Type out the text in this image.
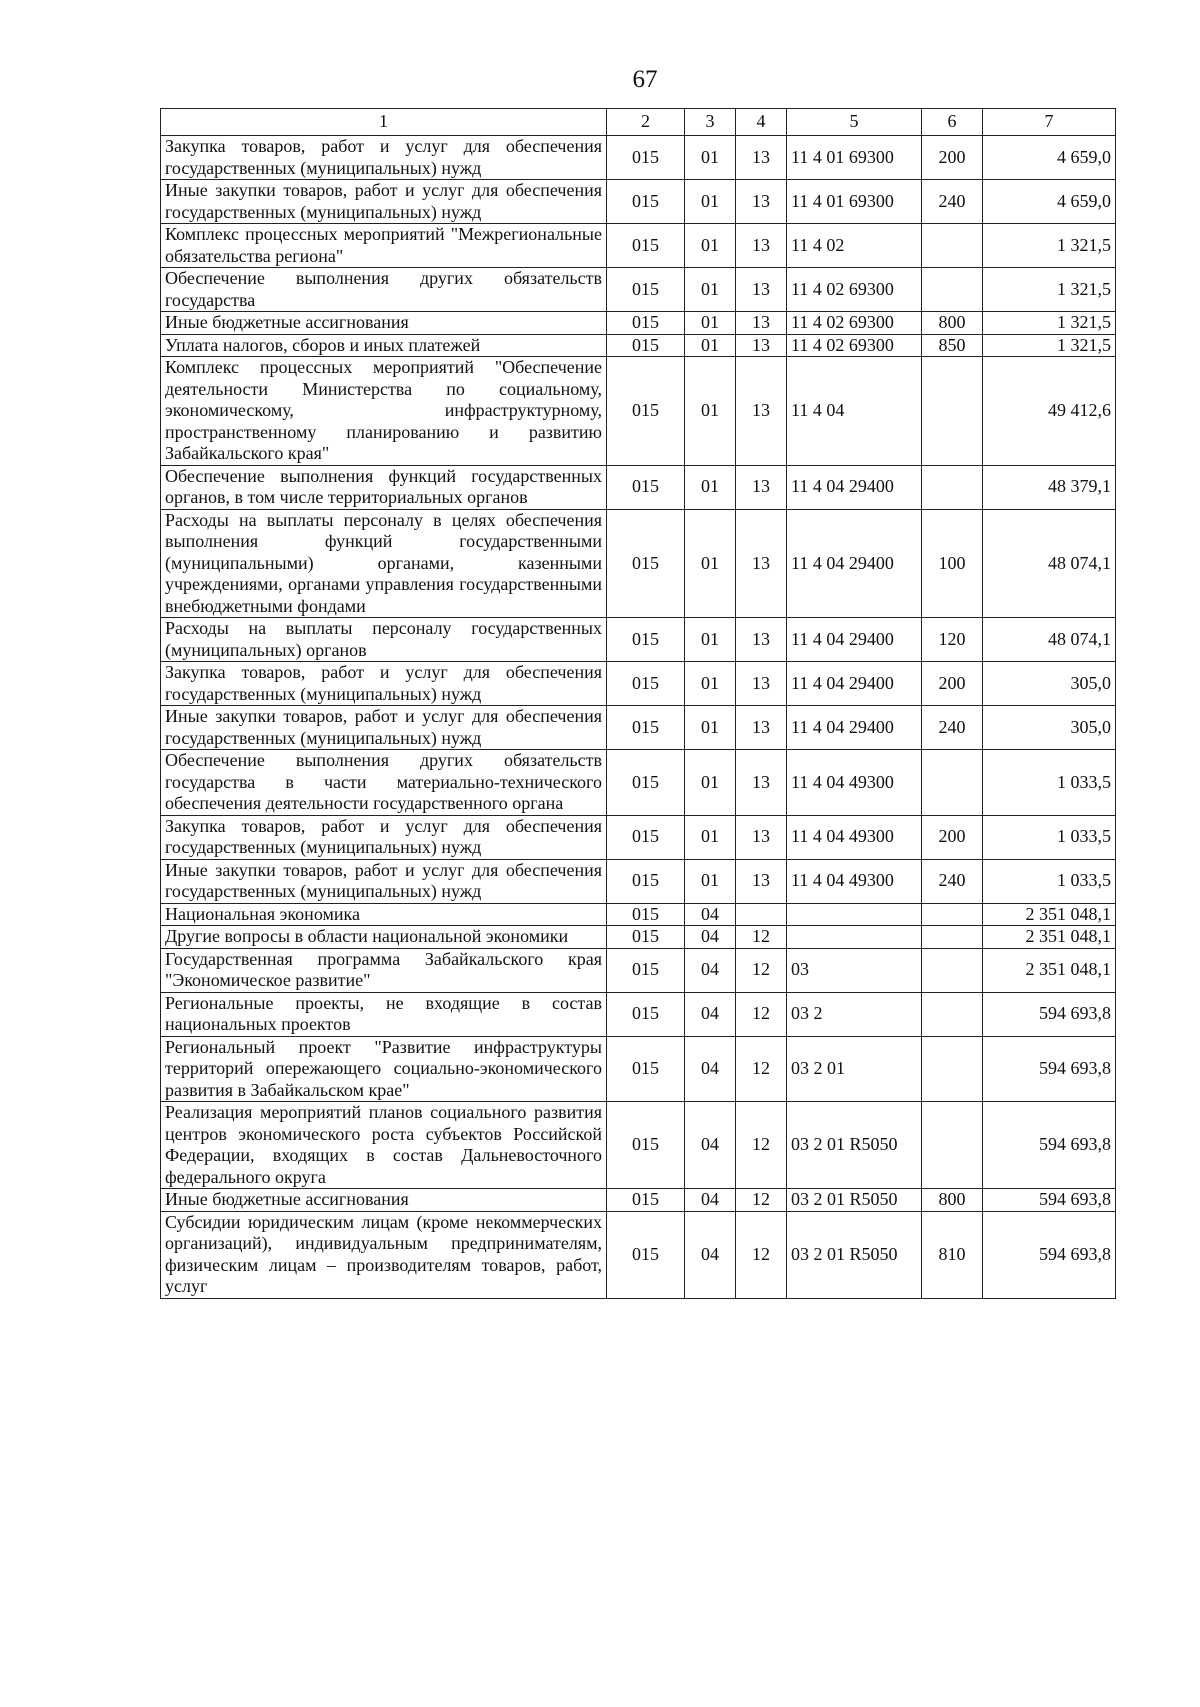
67
1	2	3	4	5	6	7
Закупка товаров, работ и услуг для обеспечения государственных (муниципальных) нужд	015	01	13	11 4 01 69300	200	4 659,0
Иные закупки товаров, работ и услуг для обеспечения государственных (муниципальных) нужд	015	01	13	11 4 01 69300	240	4 659,0
Комплекс процессных мероприятий "Межрегиональные обязательства региона"	015	01	13	11 4 02		1 321,5
Обеспечение выполнения других обязательств государства	015	01	13	11 4 02 69300		1 321,5
Иные бюджетные ассигнования	015	01	13	11 4 02 69300	800	1 321,5
Уплата налогов, сборов и иных платежей	015	01	13	11 4 02 69300	850	1 321,5
Комплекс процессных мероприятий "Обеспечение деятельности Министерства по социальному, экономическому, инфраструктурному, пространственному планированию и развитию Забайкальского края"	015	01	13	11 4 04		49 412,6
Обеспечение выполнения функций государственных органов, в том числе территориальных органов	015	01	13	11 4 04 29400		48 379,1
Расходы на выплаты персоналу в целях обеспечения выполнения функций государственными (муниципальными) органами, казенными учреждениями, органами управления государственными внебюджетными фондами	015	01	13	11 4 04 29400	100	48 074,1
Расходы на выплаты персоналу государственных (муниципальных) органов	015	01	13	11 4 04 29400	120	48 074,1
Закупка товаров, работ и услуг для обеспечения государственных (муниципальных) нужд	015	01	13	11 4 04 29400	200	305,0
Иные закупки товаров, работ и услуг для обеспечения государственных (муниципальных) нужд	015	01	13	11 4 04 29400	240	305,0
Обеспечение выполнения других обязательств государства в части материально-технического обеспечения деятельности государственного органа	015	01	13	11 4 04 49300		1 033,5
Закупка товаров, работ и услуг для обеспечения государственных (муниципальных) нужд	015	01	13	11 4 04 49300	200	1 033,5
Иные закупки товаров, работ и услуг для обеспечения государственных (муниципальных) нужд	015	01	13	11 4 04 49300	240	1 033,5
Национальная экономика	015	04				2 351 048,1
Другие вопросы в области национальной экономики	015	04	12			2 351 048,1
Государственная программа Забайкальского края "Экономическое развитие"	015	04	12	03		2 351 048,1
Региональные проекты, не входящие в состав национальных проектов	015	04	12	03 2		594 693,8
Региональный проект "Развитие инфраструктуры территорий опережающего социально-экономического развития в Забайкальском крае"	015	04	12	03 2 01		594 693,8
Реализация мероприятий планов социального развития центров экономического роста субъектов Российской Федерации, входящих в состав Дальневосточного федерального округа	015	04	12	03 2 01 R5050		594 693,8
Иные бюджетные ассигнования	015	04	12	03 2 01 R5050	800	594 693,8
Субсидии юридическим лицам (кроме некоммерческих организаций), индивидуальным предпринимателям, физическим лицам – производителям товаров, работ, услуг	015	04	12	03 2 01 R5050	810	594 693,8
